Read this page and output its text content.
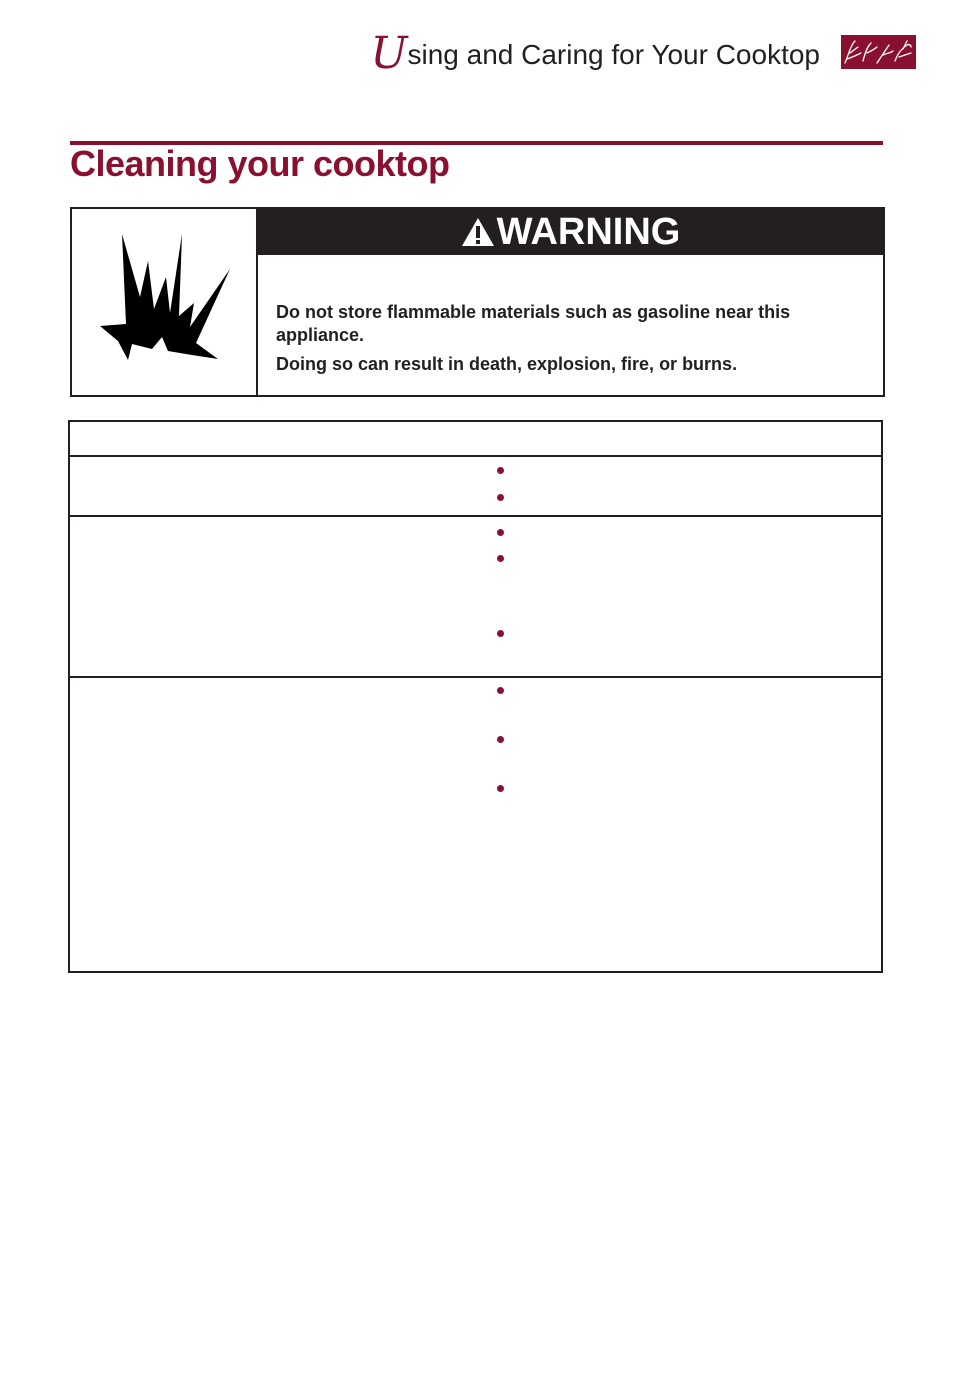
Using and Caring for Your Cooktop
Cleaning your cooktop
WARNING

Do not store flammable materials such as gasoline near this appliance.

Doing so can result in death, explosion, fire, or burns.
